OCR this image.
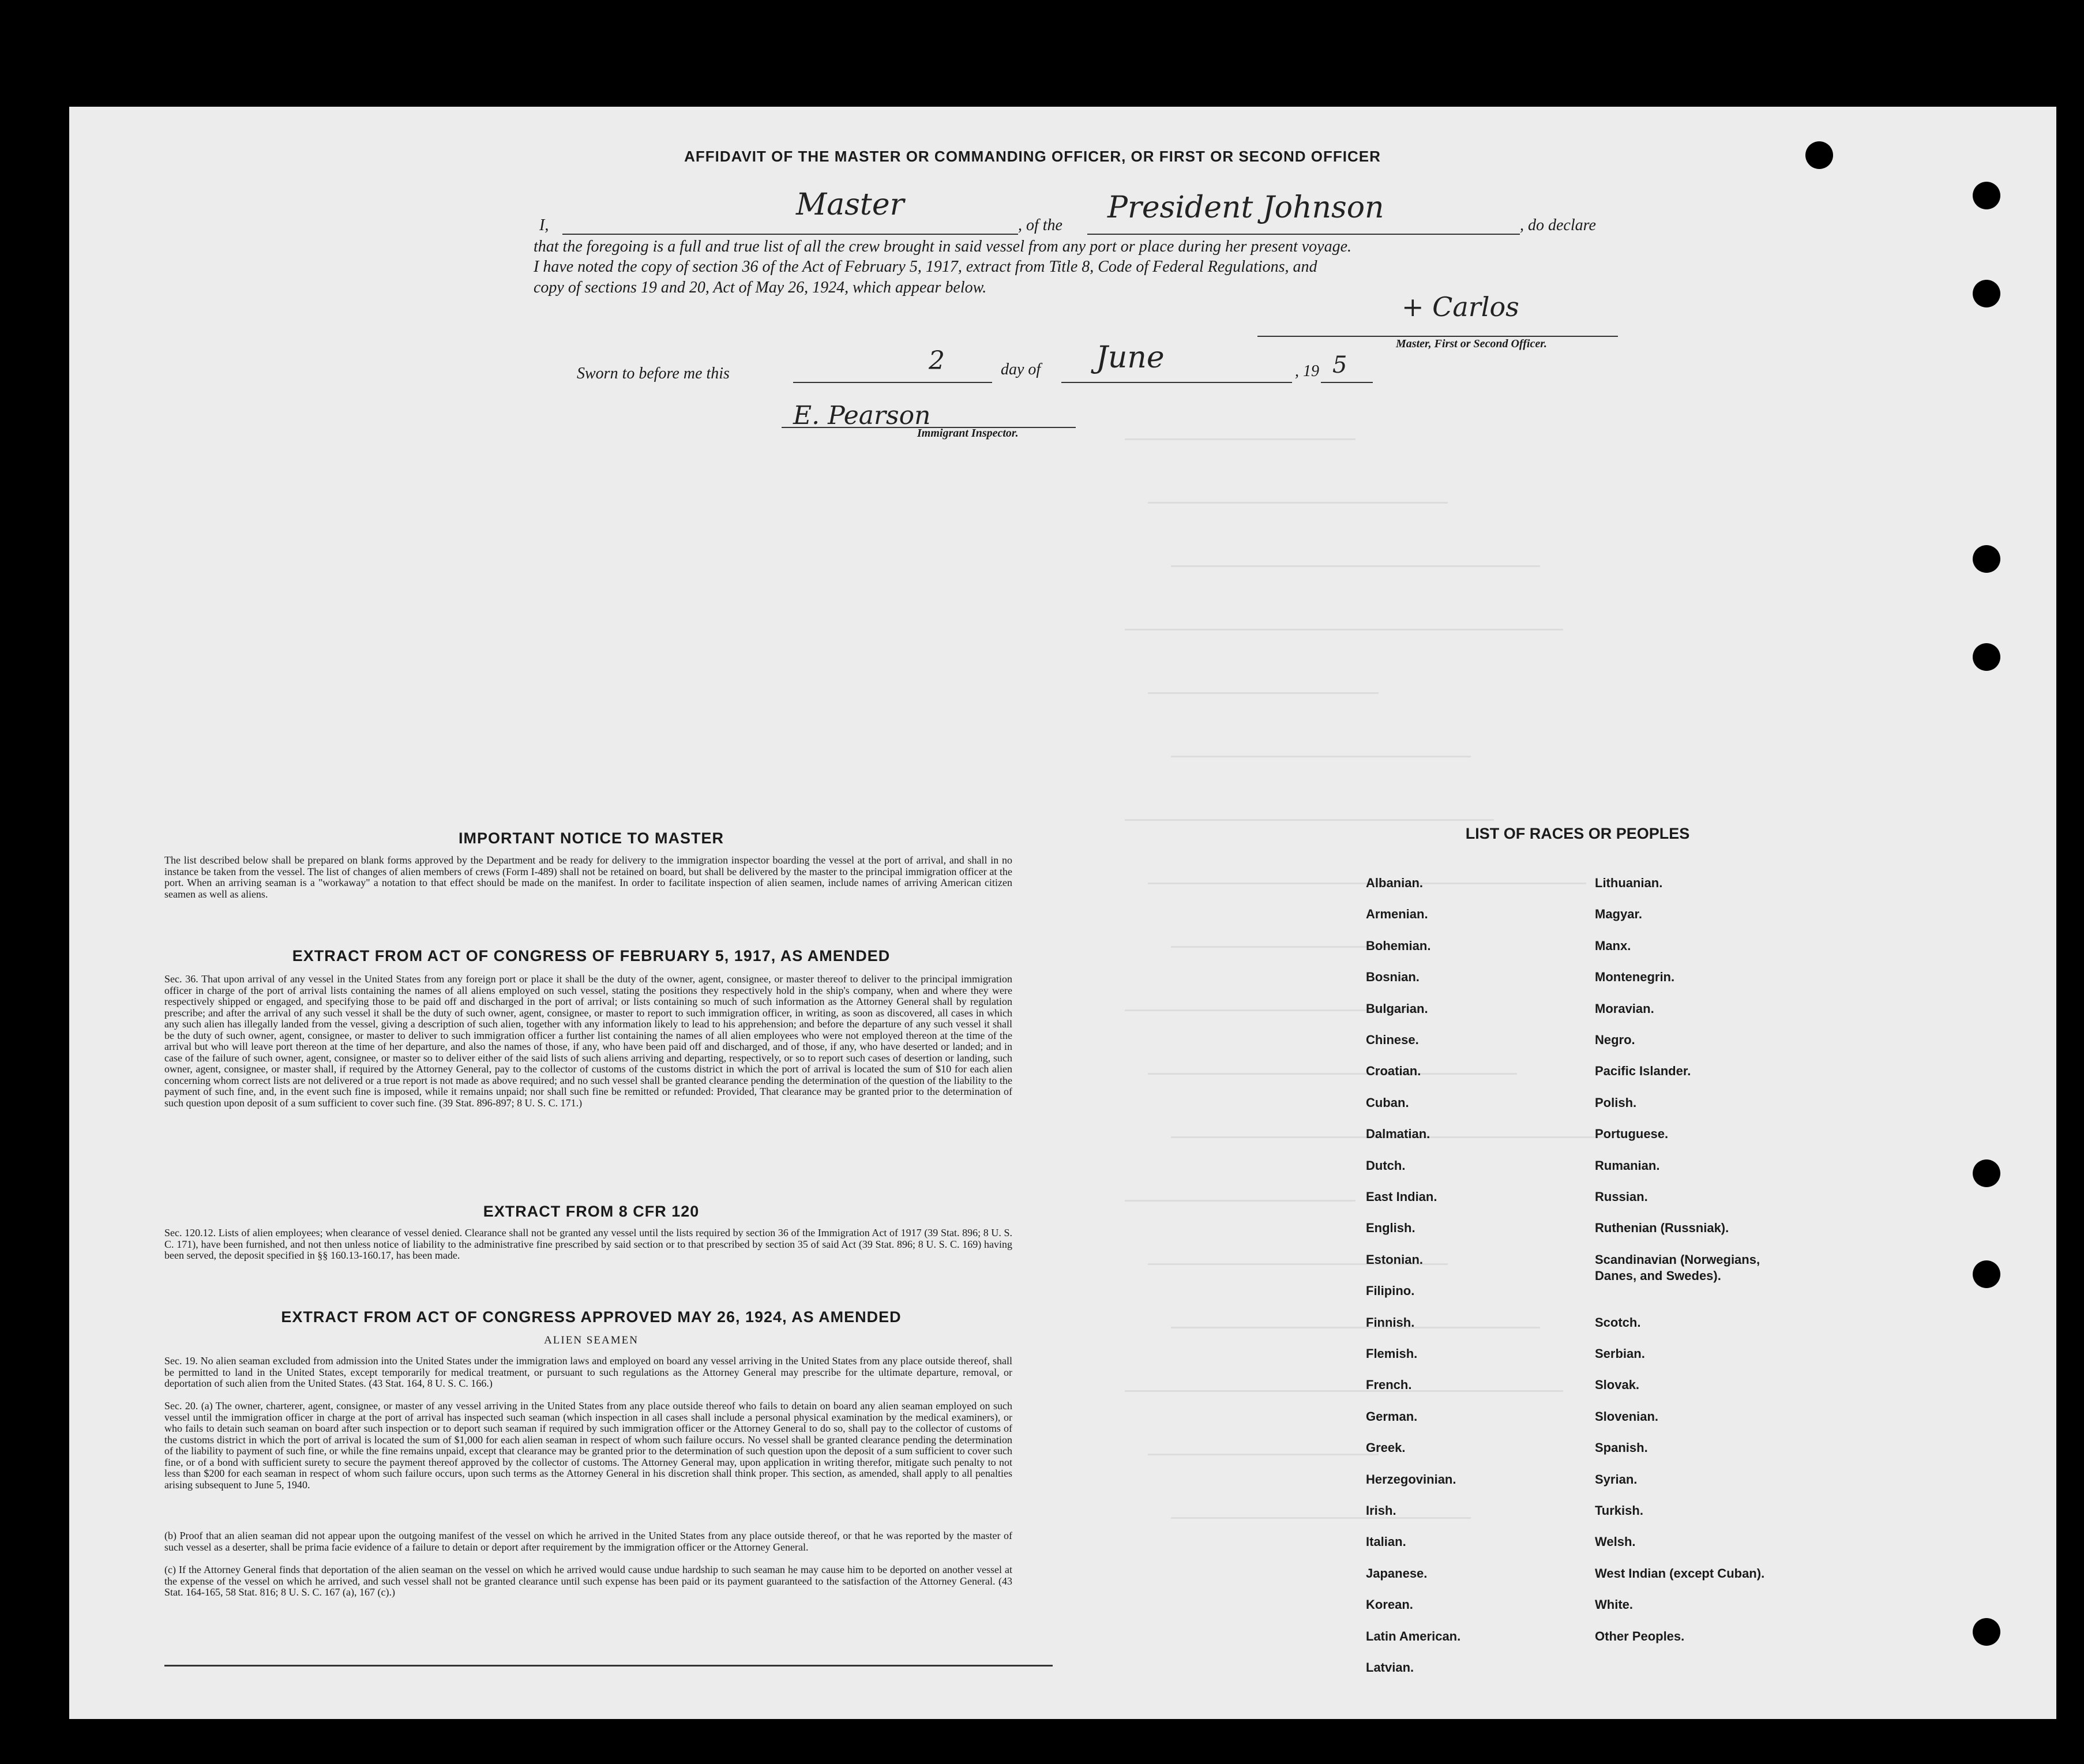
AFFIDAVIT OF THE MASTER OR COMMANDING OFFICER, OR FIRST OR SECOND OFFICER
I,
Master
, of the
President Johnson
, do declare
that the foregoing is a full and true list of all the crew brought in said vessel from any port or place during her present voyage.
I have noted the copy of section 36 of the Act of February 5, 1917, extract from Title 8, Code of Federal Regulations, and
copy of sections 19 and 20, Act of May 26, 1924, which appear below.
+ Carlos
Master, First or Second Officer.
Sworn to before me this	2	day of June	, 19 5
E. Pearson
Immigrant Inspector.
IMPORTANT NOTICE TO MASTER
The list described below shall be prepared on blank forms approved by the Department and be ready for delivery to the immigration inspector boarding the vessel at the port of arrival, and shall in no instance be taken from the vessel. The list of changes of alien members of crews (Form I-489) shall not be retained on board, but shall be delivered by the master to the principal immigration officer at the port. When an arriving seaman is a "workaway" a notation to that effect should be made on the manifest. In order to facilitate inspection of alien seamen, include names of arriving American citizen seamen as well as aliens.
EXTRACT FROM ACT OF CONGRESS OF FEBRUARY 5, 1917, AS AMENDED
Sec. 36. That upon arrival of any vessel in the United States from any foreign port or place it shall be the duty of the owner, agent, consignee, or master thereof to deliver to the principal immigration officer in charge of the port of arrival lists containing the names of all aliens employed on such vessel, stating the positions they respectively hold in the ship's company, when and where they were respectively shipped or engaged, and specifying those to be paid off and discharged in the port of arrival; or lists containing so much of such information as the Attorney General shall by regulation prescribe; and after the arrival of any such vessel it shall be the duty of such owner, agent, consignee, or master to report to such immigration officer, in writing, as soon as discovered, all cases in which any such alien has illegally landed from the vessel, giving a description of such alien, together with any information likely to lead to his apprehension; and before the departure of any such vessel it shall be the duty of such owner, agent, consignee, or master to deliver to such immigration officer a further list containing the names of all alien employees who were not employed thereon at the time of the arrival but who will leave port thereon at the time of her departure, and also the names of those, if any, who have been paid off and discharged, and of those, if any, who have deserted or landed; and in case of the failure of such owner, agent, consignee, or master so to deliver either of the said lists of such aliens arriving and departing, respectively, or so to report such cases of desertion or landing, such owner, agent, consignee, or master shall, if required by the Attorney General, pay to the collector of customs of the customs district in which the port of arrival is located the sum of $10 for each alien concerning whom correct lists are not delivered or a true report is not made as above required; and no such vessel shall be granted clearance pending the determination of the question of the liability to the payment of such fine, and, in the event such fine is imposed, while it remains unpaid; nor shall such fine be remitted or refunded: Provided, That clearance may be granted prior to the determination of such question upon deposit of a sum sufficient to cover such fine. (39 Stat. 896-897; 8 U. S. C. 171.)
EXTRACT FROM 8 CFR 120
Sec. 120.12. Lists of alien employees; when clearance of vessel denied. Clearance shall not be granted any vessel until the lists required by section 36 of the Immigration Act of 1917 (39 Stat. 896; 8 U. S. C. 171), have been furnished, and not then unless notice of liability to the administrative fine prescribed by said section or to that prescribed by section 35 of said Act (39 Stat. 896; 8 U. S. C. 169) having been served, the deposit specified in §§ 160.13-160.17, has been made.
EXTRACT FROM ACT OF CONGRESS APPROVED MAY 26, 1924, AS AMENDED
ALIEN SEAMEN
Sec. 19. No alien seaman excluded from admission into the United States under the immigration laws and employed on board any vessel arriving in the United States from any place outside thereof, shall be permitted to land in the United States, except temporarily for medical treatment, or pursuant to such regulations as the Attorney General may prescribe for the ultimate departure, removal, or deportation of such alien from the United States. (43 Stat. 164, 8 U. S. C. 166.)
Sec. 20. (a) The owner, charterer, agent, consignee, or master of any vessel arriving in the United States from any place outside thereof who fails to detain on board any alien seaman employed on such vessel until the immigration officer in charge at the port of arrival has inspected such seaman (which inspection in all cases shall include a personal physical examination by the medical examiners), or who fails to detain such seaman on board after such inspection or to deport such seaman if required by such immigration officer or the Attorney General to do so, shall pay to the collector of customs of the customs district in which the port of arrival is located the sum of $1,000 for each alien seaman in respect of whom such failure occurs. No vessel shall be granted clearance pending the determination of the liability to payment of such fine, or while the fine remains unpaid, except that clearance may be granted prior to the determination of such question upon the deposit of a sum sufficient to cover such fine, or of a bond with sufficient surety to secure the payment thereof approved by the collector of customs. The Attorney General may, upon application in writing therefor, mitigate such penalty to not less than $200 for each seaman in respect of whom such failure occurs, upon such terms as the Attorney General in his discretion shall think proper. This section, as amended, shall apply to all penalties arising subsequent to June 5, 1940.
(b) Proof that an alien seaman did not appear upon the outgoing manifest of the vessel on which he arrived in the United States from any place outside thereof, or that he was reported by the master of such vessel as a deserter, shall be prima facie evidence of a failure to detain or deport after requirement by the immigration officer or the Attorney General.
(c) If the Attorney General finds that deportation of the alien seaman on the vessel on which he arrived would cause undue hardship to such seaman he may cause him to be deported on another vessel at the expense of the vessel on which he arrived, and such vessel shall not be granted clearance until such expense has been paid or its payment guaranteed to the satisfaction of the Attorney General. (43 Stat. 164-165, 58 Stat. 816; 8 U. S. C. 167 (a), 167 (c).)
LIST OF RACES OR PEOPLES
Albanian.
Armenian.
Bohemian.
Bosnian.
Bulgarian.
Chinese.
Croatian.
Cuban.
Dalmatian.
Dutch.
East Indian.
English.
Estonian.
Filipino.
Finnish.
Flemish.
French.
German.
Greek.
Herzegovinian.
Irish.
Italian.
Japanese.
Korean.
Latin American.
Latvian.
Lithuanian.
Magyar.
Manx.
Montenegrin.
Moravian.
Negro.
Pacific Islander.
Polish.
Portuguese.
Rumanian.
Russian.
Ruthenian (Russniak).
Scandinavian (Norwegians,
Danes, and Swedes).
Scotch.
Serbian.
Slovak.
Slovenian.
Spanish.
Syrian.
Turkish.
Welsh.
West Indian (except Cuban).
White.
Other Peoples.
